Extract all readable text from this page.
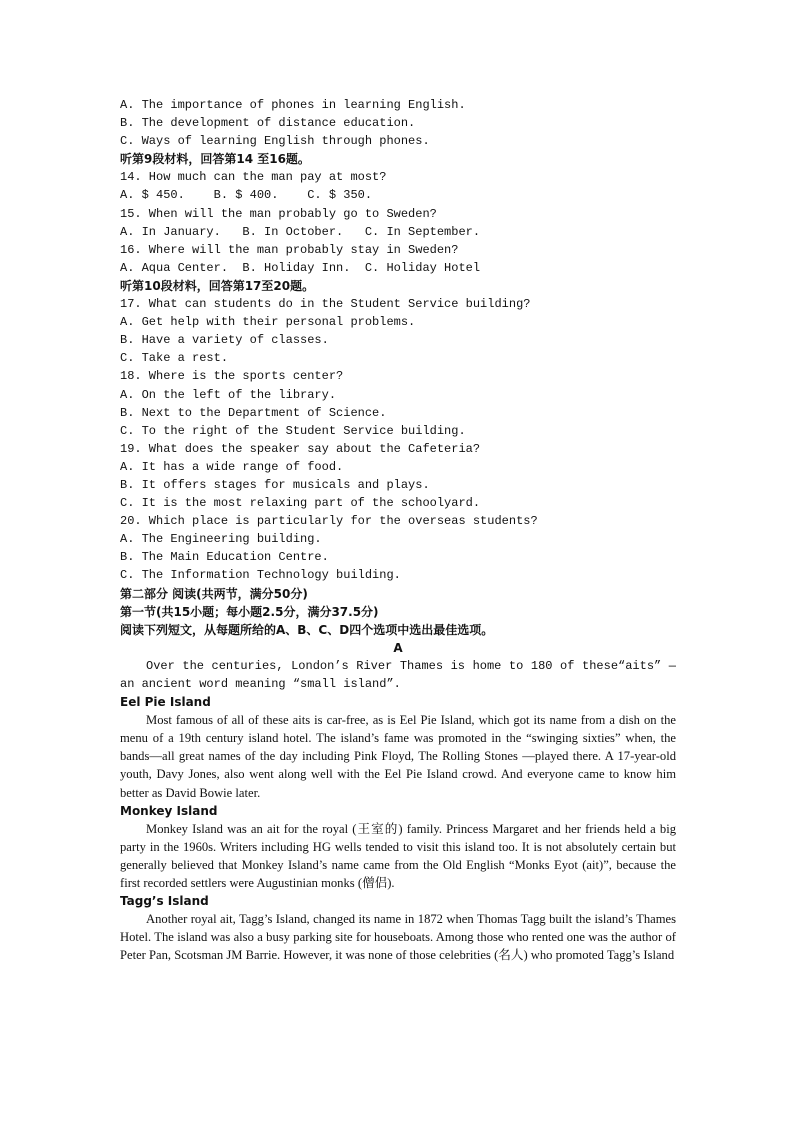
A. The importance of phones in learning English.
B. The development of distance education.
C. Ways of learning English through phones.
听第9段材料，回答第14 至16题。
14. How much can the man pay at most?
A. $ 450.    B. $ 400.    C. $ 350.
15. When will the man probably go to Sweden?
A. In January.   B. In October.   C. In September.
16. Where will the man probably stay in Sweden?
A. Aqua Center.  B. Holiday Inn.  C. Holiday Hotel
听第10段材料，回答第17至20题。
17. What can students do in the Student Service building?
A. Get help with their personal problems.
B. Have a variety of classes.
C. Take a rest.
18. Where is the sports center?
A. On the left of the library.
B. Next to the Department of Science.
C. To the right of the Student Service building.
19. What does the speaker say about the Cafeteria?
A. It has a wide range of food.
B. It offers stages for musicals and plays.
C. It is the most relaxing part of the schoolyard.
20. Which place is particularly for the overseas students?
A. The Engineering building.
B. The Main Education Centre.
C. The Information Technology building.
第二部分 阅读(共两节，满分50分)
第一节(共15小题；每小题2.5分，满分37.5分)
阅读下列短文，从每题所给的A、B、C、D四个选项中选出最佳选项。
A
Over the centuries, London’s River Thames is home to 180 of these“aits” —an ancient word meaning “small island”.
Eel Pie Island
Most famous of all of these aits is car-free, as is Eel Pie Island, which got its name from a dish on the menu of a 19th century island hotel. The island’s fame was promoted in the “swinging sixties” when, the bands—all great names of the day including Pink Floyd, The Rolling Stones —played there. A 17-year-old youth, Davy Jones, also went along well with the Eel Pie Island crowd. And everyone came to know him better as David Bowie later.
Monkey Island
Monkey Island was an ait for the royal (王室的) family. Princess Margaret and her friends held a big party in the 1960s. Writers including HG wells tended to visit this island too. It is not absolutely certain but generally believed that Monkey Island’s name came from the Old English “Monks Eyot (ait)”, because the first recorded settlers were Augustinian monks (僧侣).
Tagg’s Island
Another royal ait, Tagg’s Island, changed its name in 1872 when Thomas Tagg built the island’s Thames Hotel. The island was also a busy parking site for houseboats. Among those who rented one was the author of Peter Pan, Scotsman JM Barrie. However, it was none of those celebrities (名人) who promoted Tagg’s Island
